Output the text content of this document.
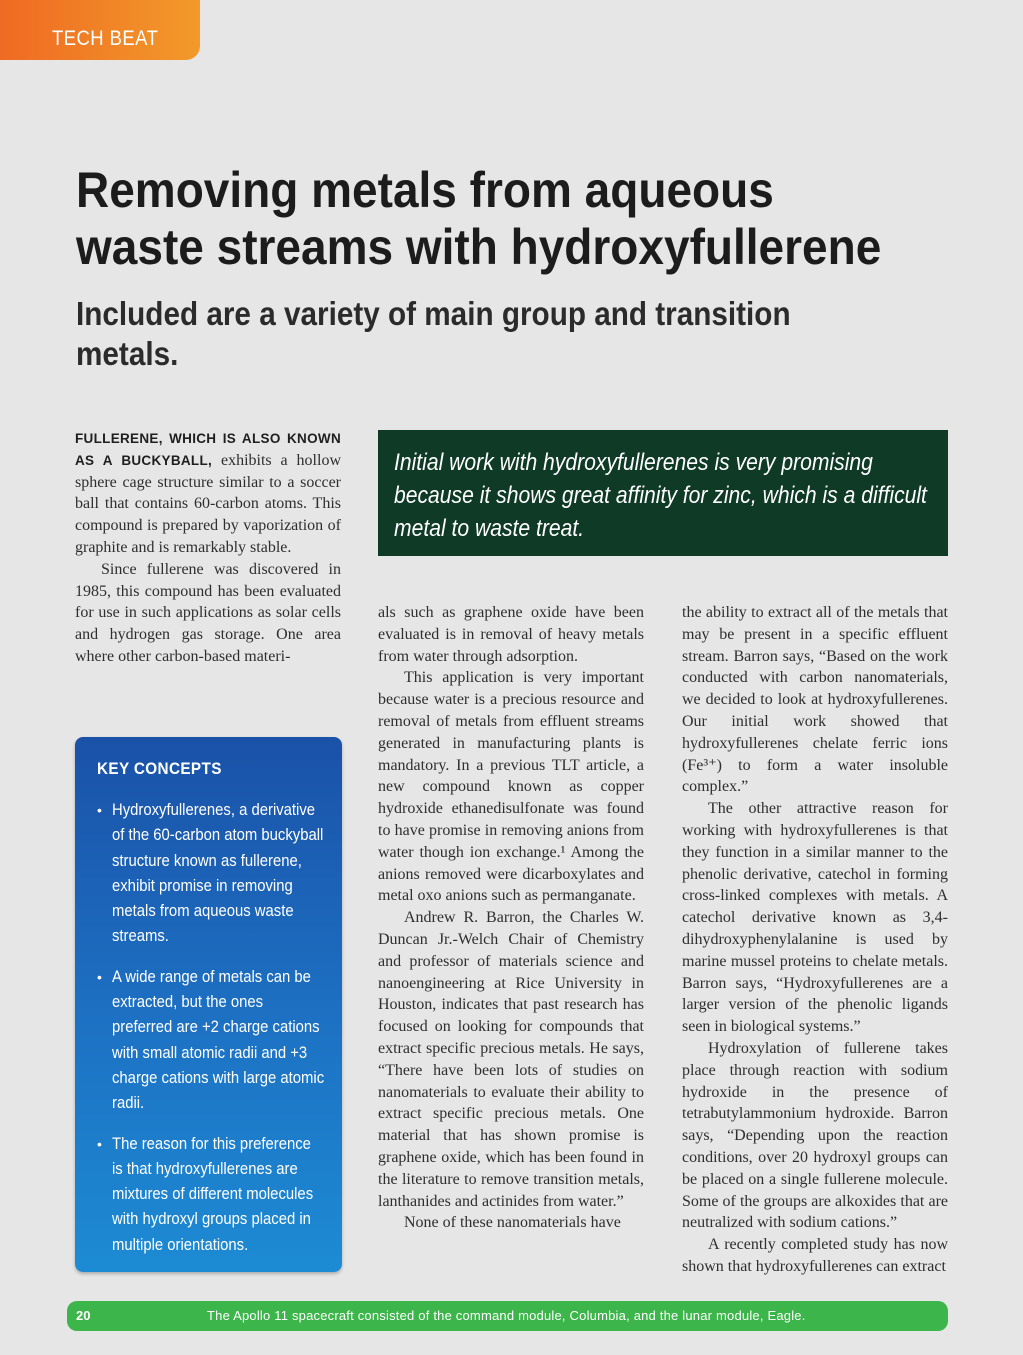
TECH BEAT
Removing metals from aqueous waste streams with hydroxyfullerene
Included are a variety of main group and transition metals.

FULLERENE, WHICH IS ALSO KNOWN AS A BUCKYBALL, exhibits a hollow sphere cage structure similar to a soccer ball that contains 60-carbon atoms. This compound is prepared by vaporization of graphite and is remarkably stable.

Since fullerene was discovered in 1985, this compound has been evaluated for use in such applications as solar cells and hydrogen gas storage. One area where other carbon-based materi-

Initial work with hydroxyfullerenes is very promising because it shows great affinity for zinc, which is a difficult metal to waste treat.

als such as graphene oxide have been evaluated is in removal of heavy metals from water through adsorption.

This application is very important because water is a precious resource and removal of metals from effluent streams generated in manufacturing plants is mandatory. In a previous TLT article, a new compound known as copper hydroxide ethanedisulfonate was found to have promise in removing anions from water though ion exchange.¹ Among the anions removed were dicarboxylates and metal oxo anions such as permanganate.

Andrew R. Barron, the Charles W. Duncan Jr.-Welch Chair of Chemistry and professor of materials science and nanoengineering at Rice University in Houston, indicates that past research has focused on looking for compounds that extract specific precious metals. He says, “There have been lots of studies on nanomaterials to evaluate their ability to extract specific precious metals. One material that has shown promise is graphene oxide, which has been found in the literature to remove transition metals, lanthanides and actinides from water.”

None of these nanomaterials have

the ability to extract all of the metals that may be present in a specific effluent stream. Barron says, “Based on the work conducted with carbon nanomaterials, we decided to look at hydroxyfullerenes. Our initial work showed that hydroxyfullerenes chelate ferric ions (Fe³⁺) to form a water insoluble complex.”

The other attractive reason for working with hydroxyfullerenes is that they function in a similar manner to the phenolic derivative, catechol in forming cross-linked complexes with metals. A catechol derivative known as 3,4-dihydroxyphenylalanine is used by marine mussel proteins to chelate metals. Barron says, “Hydroxyfullerenes are a larger version of the phenolic ligands seen in biological systems.”

Hydroxylation of fullerene takes place through reaction with sodium hydroxide in the presence of tetrabutylammonium hydroxide. Barron says, “Depending upon the reaction conditions, over 20 hydroxyl groups can be placed on a single fullerene molecule. Some of the groups are alkoxides that are neutralized with sodium cations.”

A recently completed study has now shown that hydroxyfullerenes can extract

KEY CONCEPTS
• Hydroxyfullerenes, a derivative of the 60-carbon atom buckyball structure known as fullerene, exhibit promise in removing metals from aqueous waste streams.
• A wide range of metals can be extracted, but the ones preferred are +2 charge cations with small atomic radii and +3 charge cations with large atomic radii.
• The reason for this preference is that hydroxyfullerenes are mixtures of different molecules with hydroxyl groups placed in multiple orientations.
20	The Apollo 11 spacecraft consisted of the command module, Columbia, and the lunar module, Eagle.
